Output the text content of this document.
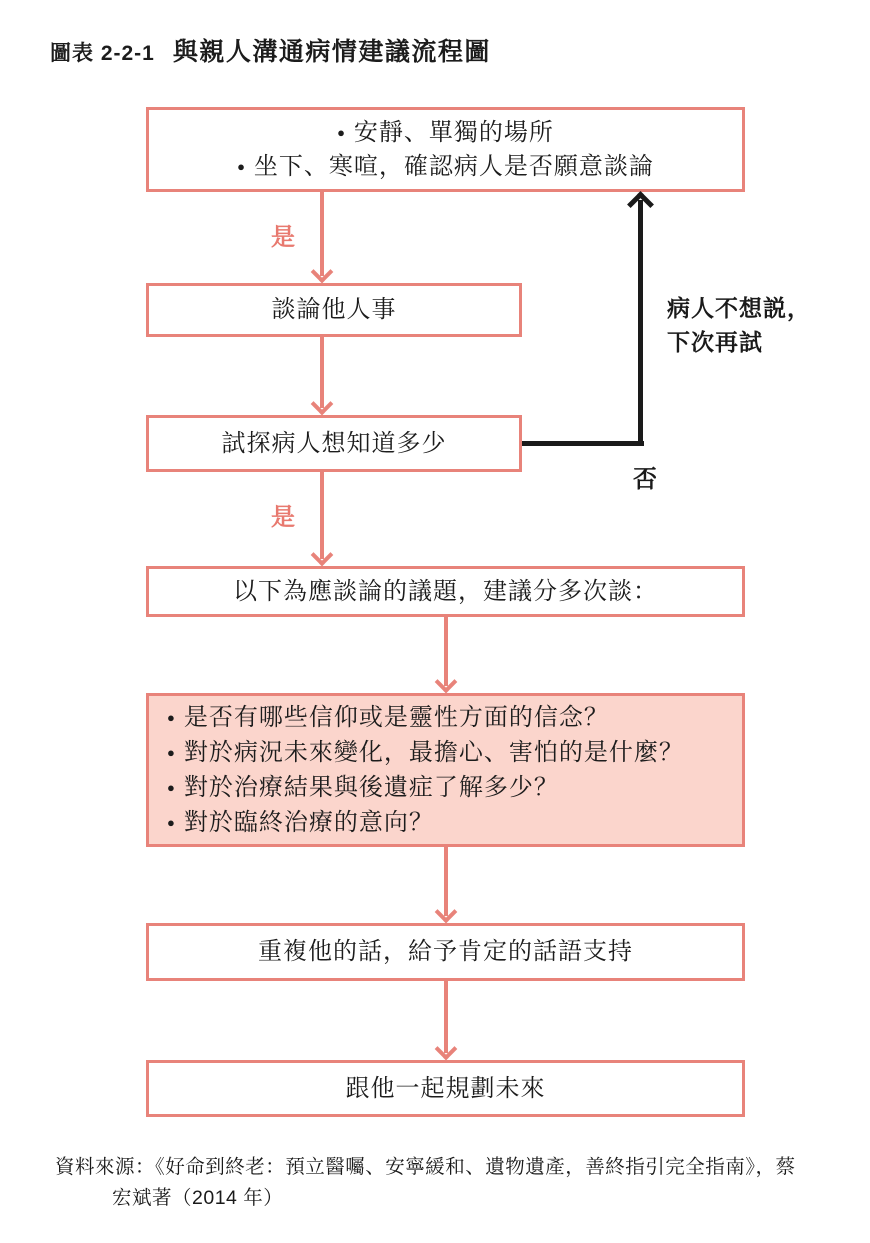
圖表 2-2-1 與親人溝通病情建議流程圖
● 安靜、單獨的場所
● 坐下、寒喧，確認病人是否願意談論
是
談論他人事
試探病人想知道多少
是
否
病人不想説，
下次再試
以下為應談論的議題，建議分多次談：
● 是否有哪些信仰或是靈性方面的信念？
● 對於病況未來變化，最擔心、害怕的是什麼？
● 對於治療結果與後遺症了解多少？
● 對於臨終治療的意向？
重複他的話，給予肯定的話語支持
跟他一起規劃未來
資料來源：《好命到終老：預立醫囑、安寧緩和、遺物遺產，善終指引完全指南》，蔡
宏斌著（2014 年）
